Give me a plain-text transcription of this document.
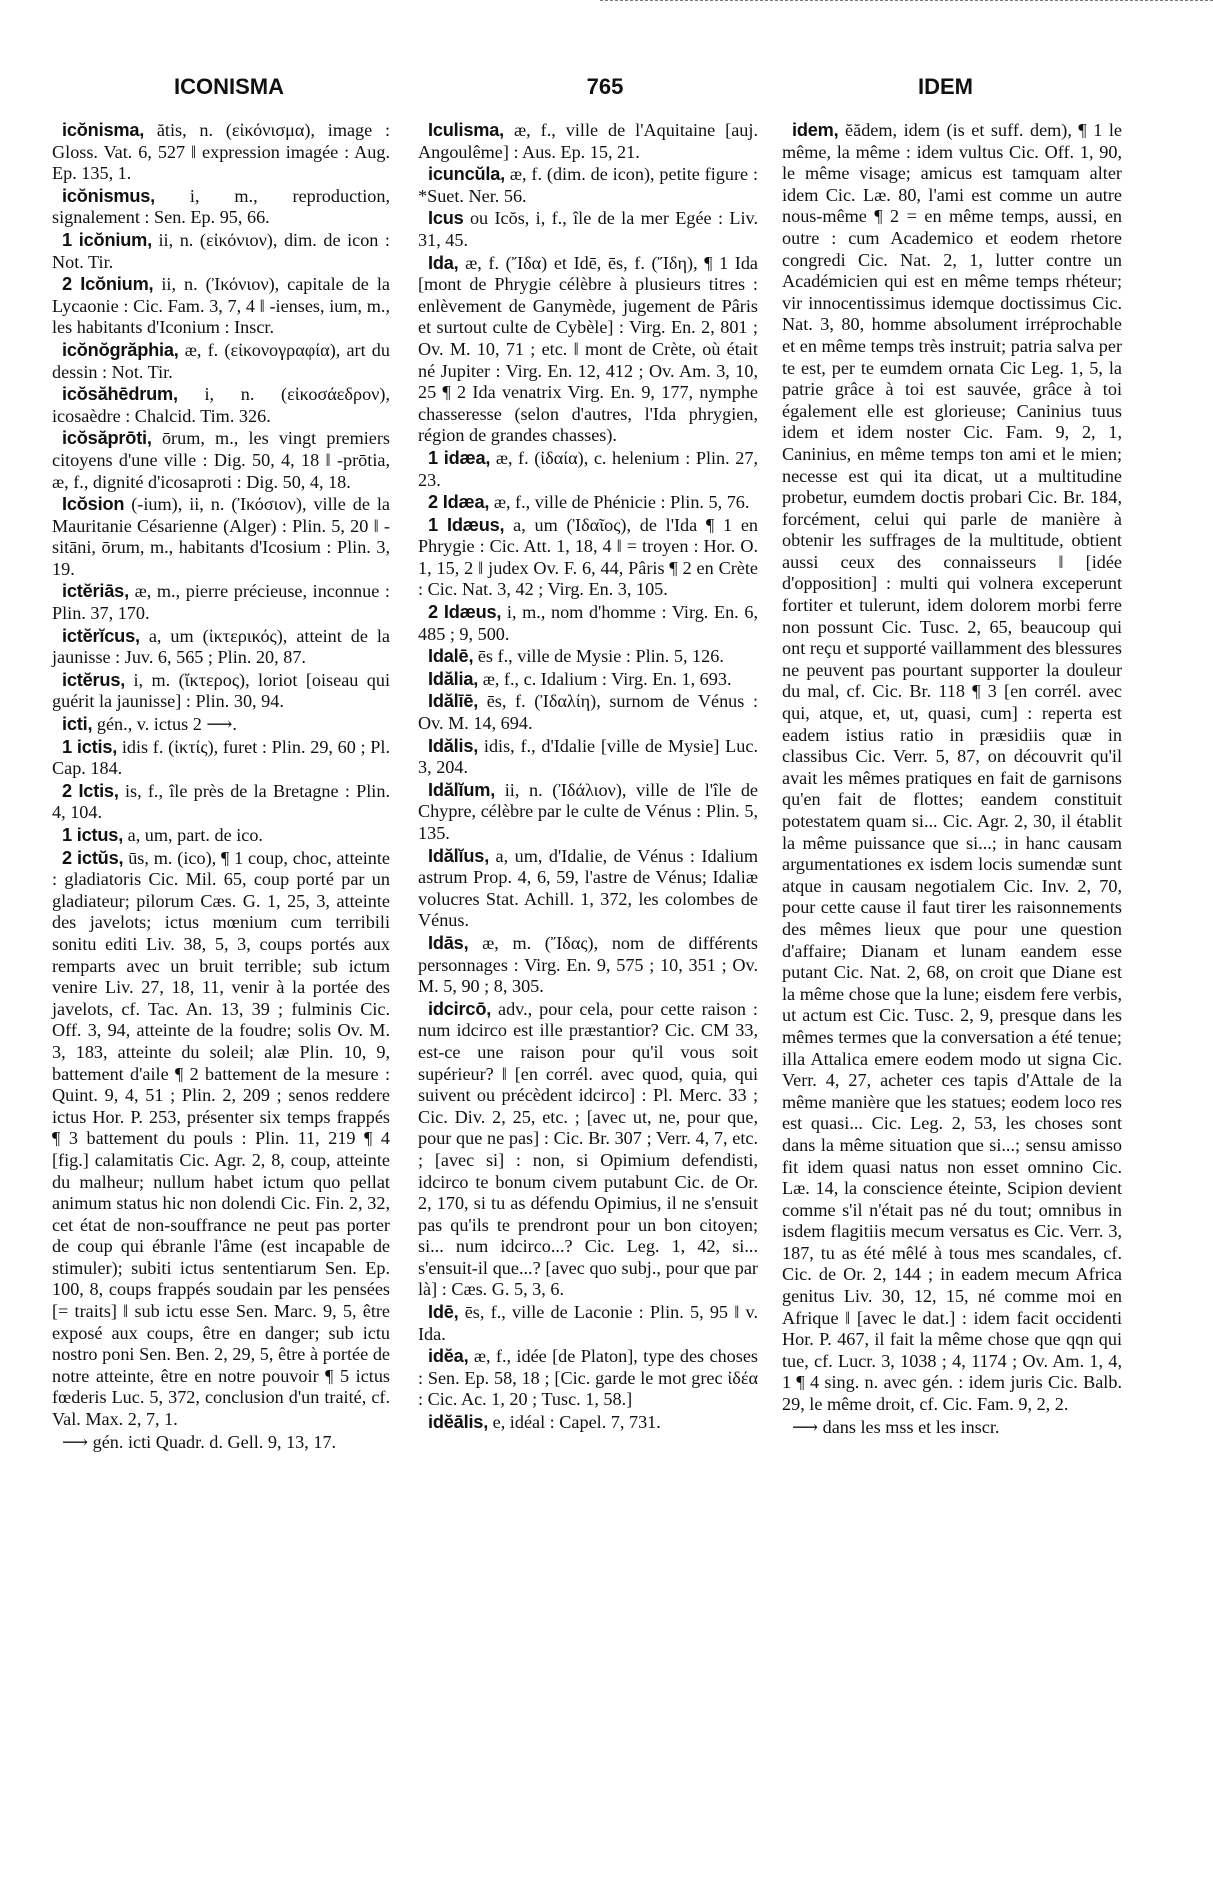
ICONISMA	765	IDEM

icŏnisma, ătis, n. (εἰκόνισμα), image : Gloss. Vat. 6, 527 ‖ expression imagée : Aug. Ep. 135, 1.

icŏnismus, i, m., reproduction, signalement : Sen. Ep. 95, 66.

1 icŏnium, ii, n. (εἰκόνιον), dim. de icon : Not. Tir.

2 Icŏnium, ii, n. (Ἰκόνιον), capitale de la Lycaonie : Cic. Fam. 3, 7, 4 ‖ -ienses, ium, m., les habitants d'Iconium : Inscr.

icŏnŏgrăphia, æ, f. (εἰκονογραφία), art du dessin : Not. Tir.

icŏsăhēdrum, i, n. (εἰκοσάεδρον), icosaèdre : Chalcid. Tim. 326.

icŏsăprōti, ōrum, m., les vingt premiers citoyens d'une ville : Dig. 50, 4, 18 ‖ -prōtia, æ, f., dignité d'icosaproti : Dig. 50, 4, 18.

Icŏsion (-ium), ii, n. (Ἰκόσιον), ville de la Mauritanie Césarienne (Alger) : Plin. 5, 20 ‖ -sitāni, ōrum, m., habitants d'Icosium : Plin. 3, 19.

ictĕriās, æ, m., pierre précieuse, inconnue : Plin. 37, 170.

ictĕrĭcus, a, um (ἰκτερικός), atteint de la jaunisse : Juv. 6, 565 ; Plin. 20, 87.

ictĕrus, i, m. (ἴκτερος), loriot [oiseau qui guérit la jaunisse] : Plin. 30, 94.

icti, gén., v. ictus 2 ⟶.

1 ictis, idis f. (ἰκτίς), furet : Plin. 29, 60 ; Pl. Cap. 184.

2 Ictis, is, f., île près de la Bretagne : Plin. 4, 104.

1 ictus, a, um, part. de ico.

2 ictŭs, ūs, m. (ico), ¶ 1 coup, choc, atteinte : gladiatoris Cic. Mil. 65, coup porté par un gladiateur; pilorum Cæs. G. 1, 25, 3, atteinte des javelots; ictus mœnium cum terribili sonitu editi Liv. 38, 5, 3, coups portés aux remparts avec un bruit terrible; sub ictum venire Liv. 27, 18, 11, venir à la portée des javelots, cf. Tac. An. 13, 39 ; fulminis Cic. Off. 3, 94, atteinte de la foudre; solis Ov. M. 3, 183, atteinte du soleil; alæ Plin. 10, 9, battement d'aile ¶ 2 battement de la mesure : Quint. 9, 4, 51 ; Plin. 2, 209 ; senos reddere ictus Hor. P. 253, présenter six temps frappés ¶ 3 battement du pouls : Plin. 11, 219 ¶ 4 [fig.] calamitatis Cic. Agr. 2, 8, coup, atteinte du malheur; nullum habet ictum quo pellat animum status hic non dolendi Cic. Fin. 2, 32, cet état de non-souffrance ne peut pas porter de coup qui ébranle l'âme (est incapable de stimuler); subiti ictus sententiarum Sen. Ep. 100, 8, coups frappés soudain par les pensées [= traits] ‖ sub ictu esse Sen. Marc. 9, 5, être exposé aux coups, être en danger; sub ictu nostro poni Sen. Ben. 2, 29, 5, être à portée de notre atteinte, être en notre pouvoir ¶ 5 ictus fœderis Luc. 5, 372, conclusion d'un traité, cf. Val. Max. 2, 7, 1.

⟶ gén. icti Quadr. d. Gell. 9, 13, 17.

Iculisma, æ, f., ville de l'Aquitaine [auj. Angoulême] : Aus. Ep. 15, 21.

icuncŭla, æ, f. (dim. de icon), petite figure : *Suet. Ner. 56.

Icus ou Icŏs, i, f., île de la mer Egée : Liv. 31, 45.

Ida, æ, f. (Ἴδα) et Idē, ēs, f. (Ἴδη), ¶ 1 Ida [mont de Phrygie célèbre à plusieurs titres : enlèvement de Ganymède, jugement de Pâris et surtout culte de Cybèle] : Virg. En. 2, 801 ; Ov. M. 10, 71 ; etc. ‖ mont de Crète, où était né Jupiter : Virg. En. 12, 412 ; Ov. Am. 3, 10, 25 ¶ 2 Ida venatrix Virg. En. 9, 177, nymphe chasseresse (selon d'autres, l'Ida phrygien, région de grandes chasses).

1 idæa, æ, f. (ἰδαία), c. helenium : Plin. 27, 23.

2 Idæa, æ, f., ville de Phénicie : Plin. 5, 76.

1 Idæus, a, um (Ἰδαῖος), de l'Ida ¶ 1 en Phrygie : Cic. Att. 1, 18, 4 ‖ = troyen : Hor. O. 1, 15, 2 ‖ judex Ov. F. 6, 44, Pâris ¶ 2 en Crète : Cic. Nat. 3, 42 ; Virg. En. 3, 105.

2 Idæus, i, m., nom d'homme : Virg. En. 6, 485 ; 9, 500.

Idalē, ēs f., ville de Mysie : Plin. 5, 126.

Idălia, æ, f., c. Idalium : Virg. En. 1, 693.

Idălīē, ēs, f. (Ἰδαλίη), surnom de Vénus : Ov. M. 14, 694.

Idălis, idis, f., d'Idalie [ville de Mysie] Luc. 3, 204.

Idălĭum, ii, n. (Ἰδάλιον), ville de l'île de Chypre, célèbre par le culte de Vénus : Plin. 5, 135.

Idălĭus, a, um, d'Idalie, de Vénus : Idalium astrum Prop. 4, 6, 59, l'astre de Vénus; Idaliæ volucres Stat. Achill. 1, 372, les colombes de Vénus.

Idās, æ, m. (Ἴδας), nom de différents personnages : Virg. En. 9, 575 ; 10, 351 ; Ov. M. 5, 90 ; 8, 305.

idcircō, adv., pour cela, pour cette raison : num idcirco est ille præstantior? Cic. CM 33, est-ce une raison pour qu'il vous soit supérieur? ‖ [en corrél. avec quod, quia, qui suivent ou précèdent idcirco] : Pl. Merc. 33 ; Cic. Div. 2, 25, etc. ; [avec ut, ne, pour que, pour que ne pas] : Cic. Br. 307 ; Verr. 4, 7, etc. ; [avec si] : non, si Opimium defendisti, idcirco te bonum civem putabunt Cic. de Or. 2, 170, si tu as défendu Opimius, il ne s'ensuit pas qu'ils te prendront pour un bon citoyen; si... num idcirco...? Cic. Leg. 1, 42, si... s'ensuit-il que...? [avec quo subj., pour que par là] : Cæs. G. 5, 3, 6.

Idē, ēs, f., ville de Laconie : Plin. 5, 95 ‖ v. Ida.

idĕa, æ, f., idée [de Platon], type des choses : Sen. Ep. 58, 18 ; [Cic. garde le mot grec ἰδέα : Cic. Ac. 1, 20 ; Tusc. 1, 58.]

idĕālis, e, idéal : Capel. 7, 731.

idem, ĕădem, idem (is et suff. dem), ¶ 1 le même, la même : idem vultus Cic. Off. 1, 90, le même visage; amicus est tamquam alter idem Cic. Læ. 80, l'ami est comme un autre nous-même ¶ 2 = en même temps, aussi, en outre : cum Academico et eodem rhetore congredi Cic. Nat. 2, 1, lutter contre un Académicien qui est en même temps rhéteur; vir innocentissimus idemque doctissimus Cic. Nat. 3, 80, homme absolument irréprochable et en même temps très instruit; patria salva per te est, per te eumdem ornata Cic Leg. 1, 5, la patrie grâce à toi est sauvée, grâce à toi également elle est glorieuse; Caninius tuus idem et idem noster Cic. Fam. 9, 2, 1, Caninius, en même temps ton ami et le mien; necesse est qui ita dicat, ut a multitudine probetur, eumdem doctis probari Cic. Br. 184, forcément, celui qui parle de manière à obtenir les suffrages de la multitude, obtient aussi ceux des connaisseurs ‖ [idée d'opposition] : multi qui volnera exceperunt fortiter et tulerunt, idem dolorem morbi ferre non possunt Cic. Tusc. 2, 65, beaucoup qui ont reçu et supporté vaillamment des blessures ne peuvent pas pourtant supporter la douleur du mal, cf. Cic. Br. 118 ¶ 3 [en corrél. avec qui, atque, et, ut, quasi, cum] : reperta est eadem istius ratio in præsidiis quæ in classibus Cic. Verr. 5, 87, on découvrit qu'il avait les mêmes pratiques en fait de garnisons qu'en fait de flottes; eandem constituit potestatem quam si... Cic. Agr. 2, 30, il établit la même puissance que si...; in hanc causam argumentationes ex isdem locis sumendæ sunt atque in causam negotialem Cic. Inv. 2, 70, pour cette cause il faut tirer les raisonnements des mêmes lieux que pour une question d'affaire; Dianam et lunam eandem esse putant Cic. Nat. 2, 68, on croit que Diane est la même chose que la lune; eisdem fere verbis, ut actum est Cic. Tusc. 2, 9, presque dans les mêmes termes que la conversation a été tenue; illa Attalica emere eodem modo ut signa Cic. Verr. 4, 27, acheter ces tapis d'Attale de la même manière que les statues; eodem loco res est quasi... Cic. Leg. 2, 53, les choses sont dans la même situation que si...; sensu amisso fit idem quasi natus non esset omnino Cic. Læ. 14, la conscience éteinte, Scipion devient comme s'il n'était pas né du tout; omnibus in isdem flagitiis mecum versatus es Cic. Verr. 3, 187, tu as été mêlé à tous mes scandales, cf. Cic. de Or. 2, 144 ; in eadem mecum Africa genitus Liv. 30, 12, 15, né comme moi en Afrique ‖ [avec le dat.] : idem facit occidenti Hor. P. 467, il fait la même chose que qqn qui tue, cf. Lucr. 3, 1038 ; 4, 1174 ; Ov. Am. 1, 4, 1 ¶ 4 sing. n. avec gén. : idem juris Cic. Balb. 29, le même droit, cf. Cic. Fam. 9, 2, 2.

⟶ dans les mss et les inscr.
